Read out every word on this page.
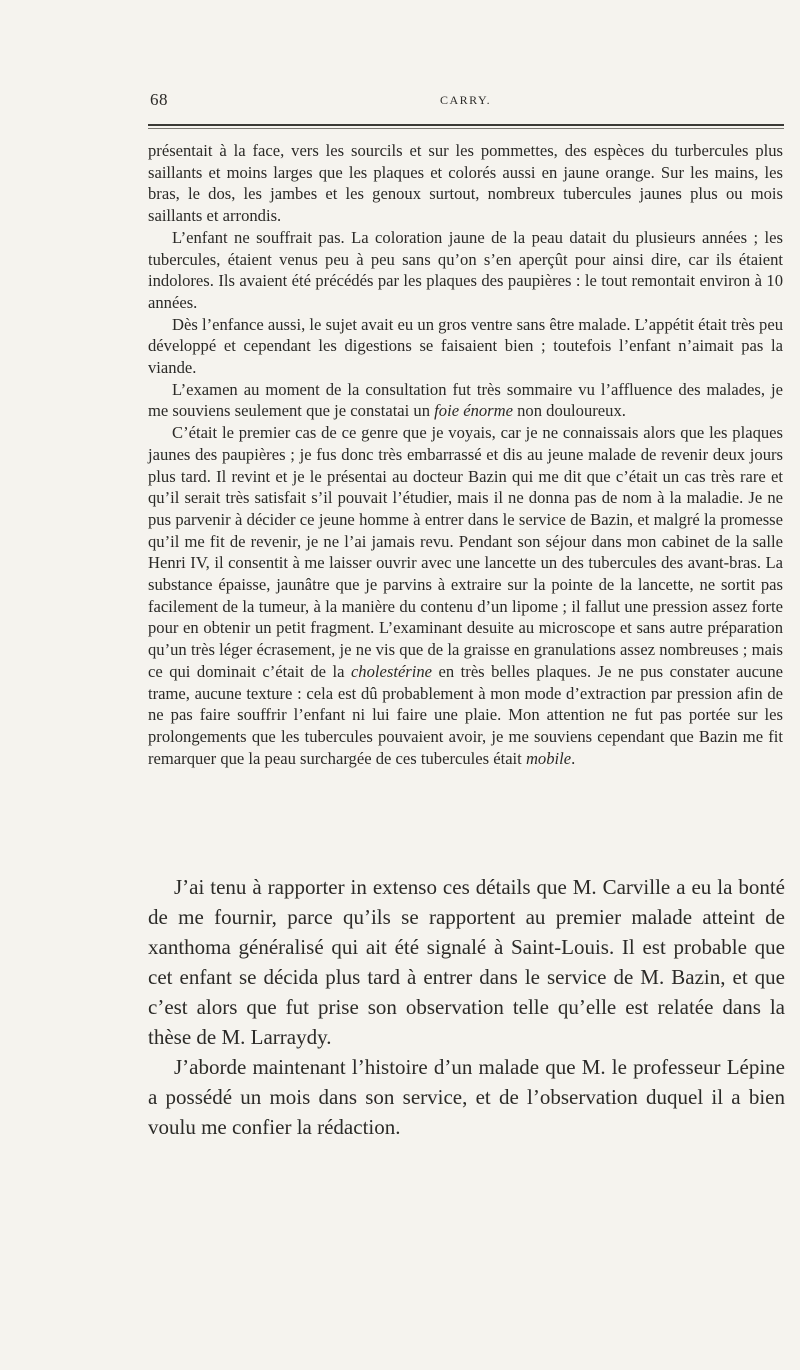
68	CARRY.

présentait à la face, vers les sourcils et sur les pommettes, des espèces du turbercules plus saillants et moins larges que les plaques et colorés aussi en jaune orange. Sur les mains, les bras, le dos, les jambes et les genoux surtout, nombreux tubercules jaunes plus ou mois saillants et arrondis.

L’enfant ne souffrait pas. La coloration jaune de la peau datait du plusieurs années ; les tubercules, étaient venus peu à peu sans qu’on s’en aperçût pour ainsi dire, car ils étaient indolores. Ils avaient été précédés par les plaques des paupières : le tout remontait environ à 10 années.

Dès l’enfance aussi, le sujet avait eu un gros ventre sans être malade. L’appétit était très peu développé et cependant les digestions se faisaient bien ; toutefois l’enfant n’aimait pas la viande.

L’examen au moment de la consultation fut très sommaire vu l’affluence des malades, je me souviens seulement que je constatai un foie énorme non douloureux.

C’était le premier cas de ce genre que je voyais, car je ne connaissais alors que les plaques jaunes des paupières ; je fus donc très embarrassé et dis au jeune malade de revenir deux jours plus tard. Il revint et je le présentai au docteur Bazin qui me dit que c’était un cas très rare et qu’il serait très satisfait s’il pouvait l’étudier, mais il ne donna pas de nom à la maladie. Je ne pus parvenir à décider ce jeune homme à entrer dans le service de Bazin, et malgré la promesse qu’il me fit de revenir, je ne l’ai jamais revu. Pendant son séjour dans mon cabinet de la salle Henri IV, il consentit à me laisser ouvrir avec une lancette un des tubercules des avant-bras. La substance épaisse, jaunâtre que je parvins à extraire sur la pointe de la lancette, ne sortit pas facilement de la tumeur, à la manière du contenu d’un lipome ; il fallut une pression assez forte pour en obtenir un petit fragment. L’examinant desuite au microscope et sans autre préparation qu’un très léger écrasement, je ne vis que de la graisse en granulations assez nombreuses ; mais ce qui dominait c’était de la cholestérine en très belles plaques. Je ne pus constater aucune trame, aucune texture : cela est dû probablement à mon mode d’extraction par pression afin de ne pas faire souffrir l’enfant ni lui faire une plaie. Mon attention ne fut pas portée sur les prolongements que les tubercules pouvaient avoir, je me souviens cependant que Bazin me fit remarquer que la peau surchargée de ces tubercules était mobile.

J’ai tenu à rapporter in extenso ces détails que M. Carville a eu la bonté de me fournir, parce qu’ils se rapportent au premier malade atteint de xanthoma généralisé qui ait été signalé à Saint-Louis. Il est probable que cet enfant se décida plus tard à entrer dans le service de M. Bazin, et que c’est alors que fut prise son observation telle qu’elle est relatée dans la thèse de M. Larraydy.

J’aborde maintenant l’histoire d’un malade que M. le professeur Lépine a possédé un mois dans son service, et de l’observation duquel il a bien voulu me confier la rédaction.
